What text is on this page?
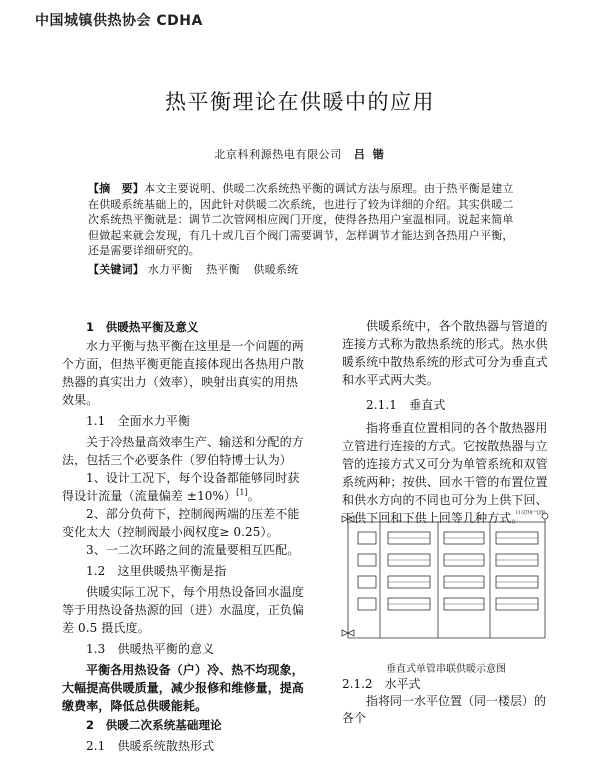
中国城镇供热协会 CDHA
热平衡理论在供暖中的应用
北京科利源热电有限公司 吕 锴
【摘　要】本文主要说明、供暖二次系统热平衡的调试方法与原理。由于热平衡是建立在供暖系统基础上的，因此针对供暖二次系统，也进行了较为详细的介绍。其实供暖二次系统热平衡就是：调节二次管网相应阀门开度，使得各热用户室温相同。说起来简单但做起来就会发现，有几十或几百个阀门需要调节，怎样调节才能达到各热用户平衡，还是需要详细研究的。
【关键词】 水力平衡 热平衡 供暖系统

1　供暖热平衡及意义

水力平衡与热平衡在这里是一个问题的两个方面，但热平衡更能直接体现出各热用户散热器的真实出力（效率），映射出真实的用热效果。

1.1　全面水力平衡

关于冷热量高效率生产、输送和分配的方法，包括三个必要条件（罗伯特博士认为）

1、设计工况下，每个设备都能够同时获得设计流量（流量偏差 ±10%）[1]。

2、部分负荷下，控制阀两端的压差不能变化太大（控制阀最小阀权度≥ 0.25）。

3、一二次环路之间的流量要相互匹配。

1.2　这里供暖热平衡是指

供暖实际工况下，每个用热设备回水温度等于用热设备热源的回（进）水温度，正负偏差 0.5 摄氏度。

1.3　供暖热平衡的意义

平衡各用热设备（户）冷、热不均现象，大幅提高供暖质量，减少报修和维修量，提高缴费率，降低总供暖能耗。

2　供暖二次系统基础理论

2.1　供暖系统散热形式

供暖系统中，各个散热器与管道的连接方式称为散热系统的形式。热水供暖系统中散热系统的形式可分为垂直式和水平式两大类。

2.1.1　垂直式

指将垂直位置相同的各个散热器用立管进行连接的方式。它按散热器与立管的连接方式又可分为单管系统和双管系统两种；按供、回水干管的布置位置和供水方向的不同也可分为上供下回、下供下回和下供上回等几种方式。

自动排气阀
垂直式单管串联供暖示意图

2.1.2　水平式

指将同一水平位置（同一楼层）的各个
